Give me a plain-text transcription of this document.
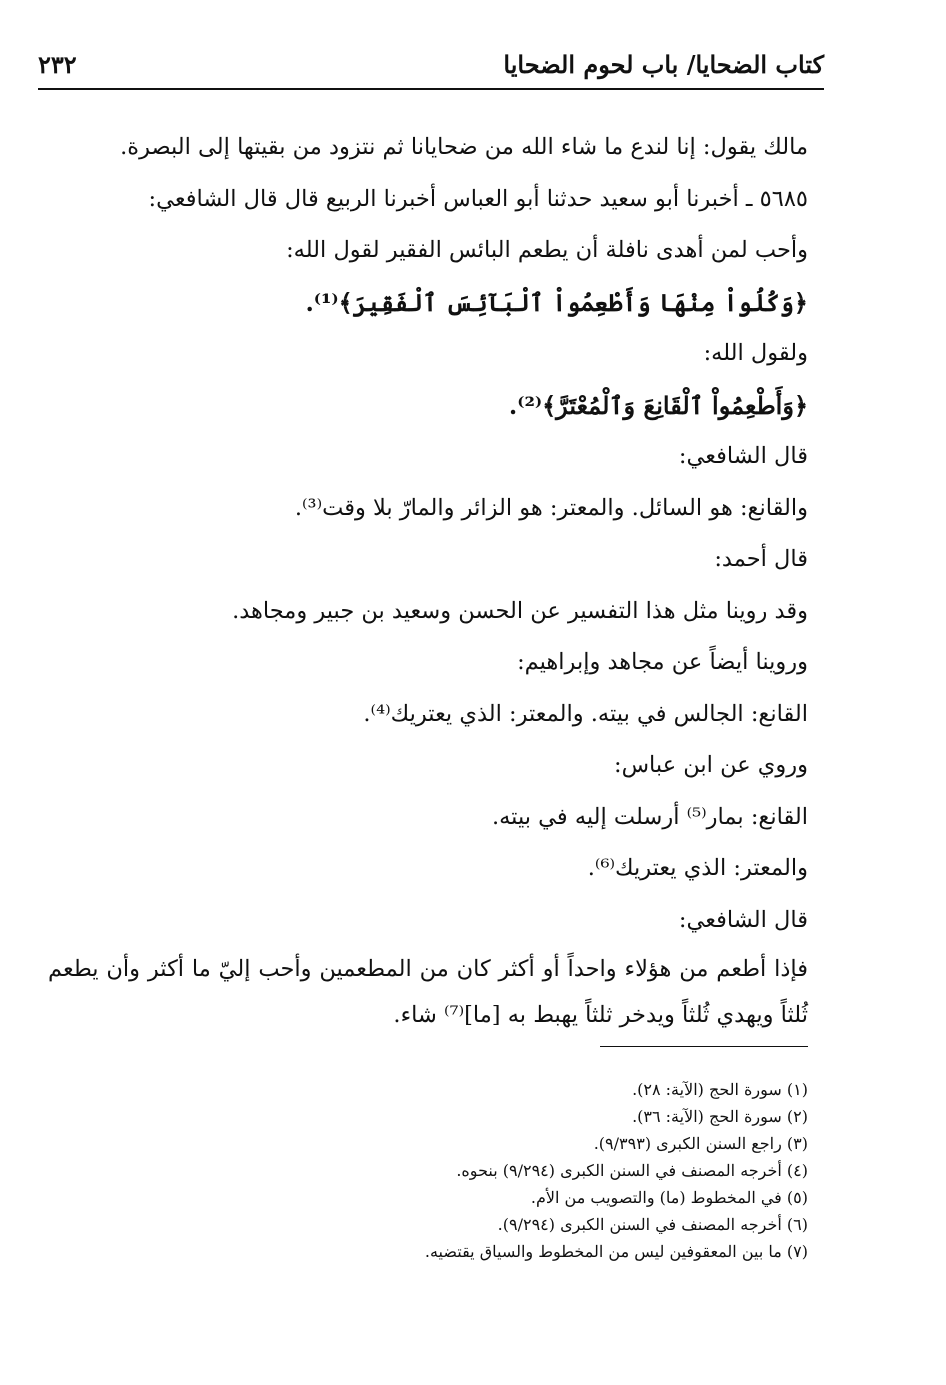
كتاب الضحايا/ باب لحوم الضحايا
٢٣٢

مالك يقول: إنا لندع ما شاء الله من ضحايانا ثم نتزود من بقيتها إلى البصرة.

٥٦٨٥ ـ أخبرنا أبو سعيد حدثنا أبو العباس أخبرنا الربيع قال قال الشافعي:

وأحب لمن أهدى نافلة أن يطعم البائس الفقير لقول الله:

﴿وَكُلُواْ مِنْهَا وَأَطْعِمُواْ ٱلْبَآئِسَ ٱلْفَقِيرَ﴾⁽¹⁾.

ولقول الله:

﴿وَأَطْعِمُواْ ٱلْقَانِعَ وَٱلْمُعْتَرَّ﴾⁽²⁾.

قال الشافعي:

والقانع: هو السائل. والمعتر: هو الزائر والمارّ بلا وقت⁽³⁾.

قال أحمد:

وقد روينا مثل هذا التفسير عن الحسن وسعيد بن جبير ومجاهد.

وروينا أيضاً عن مجاهد وإبراهيم:

القانع: الجالس في بيته. والمعتر: الذي يعتريك⁽⁴⁾.

وروي عن ابن عباس:

القانع: بمار⁽⁵⁾ أرسلت إليه في بيته.

والمعتر: الذي يعتريك⁽⁶⁾.

قال الشافعي:

فإذا أطعم من هؤلاء واحداً أو أكثر كان من المطعمين وأحب إليّ ما أكثر وأن يطعم ثُلثاً ويهدي ثُلثاً ويدخر ثلثاً يهبط به [ما]⁽⁷⁾ شاء.

(١) سورة الحج (الآية: ٢٨).

(٢) سورة الحج (الآية: ٣٦).

(٣) راجع السنن الكبرى (٩/٣٩٣).

(٤) أخرجه المصنف في السنن الكبرى (٩/٢٩٤) بنحوه.

(٥) في المخطوط (ما) والتصويب من الأم.

(٦) أخرجه المصنف في السنن الكبرى (٩/٢٩٤).

(٧) ما بين المعقوفين ليس من المخطوط والسياق يقتضيه.
